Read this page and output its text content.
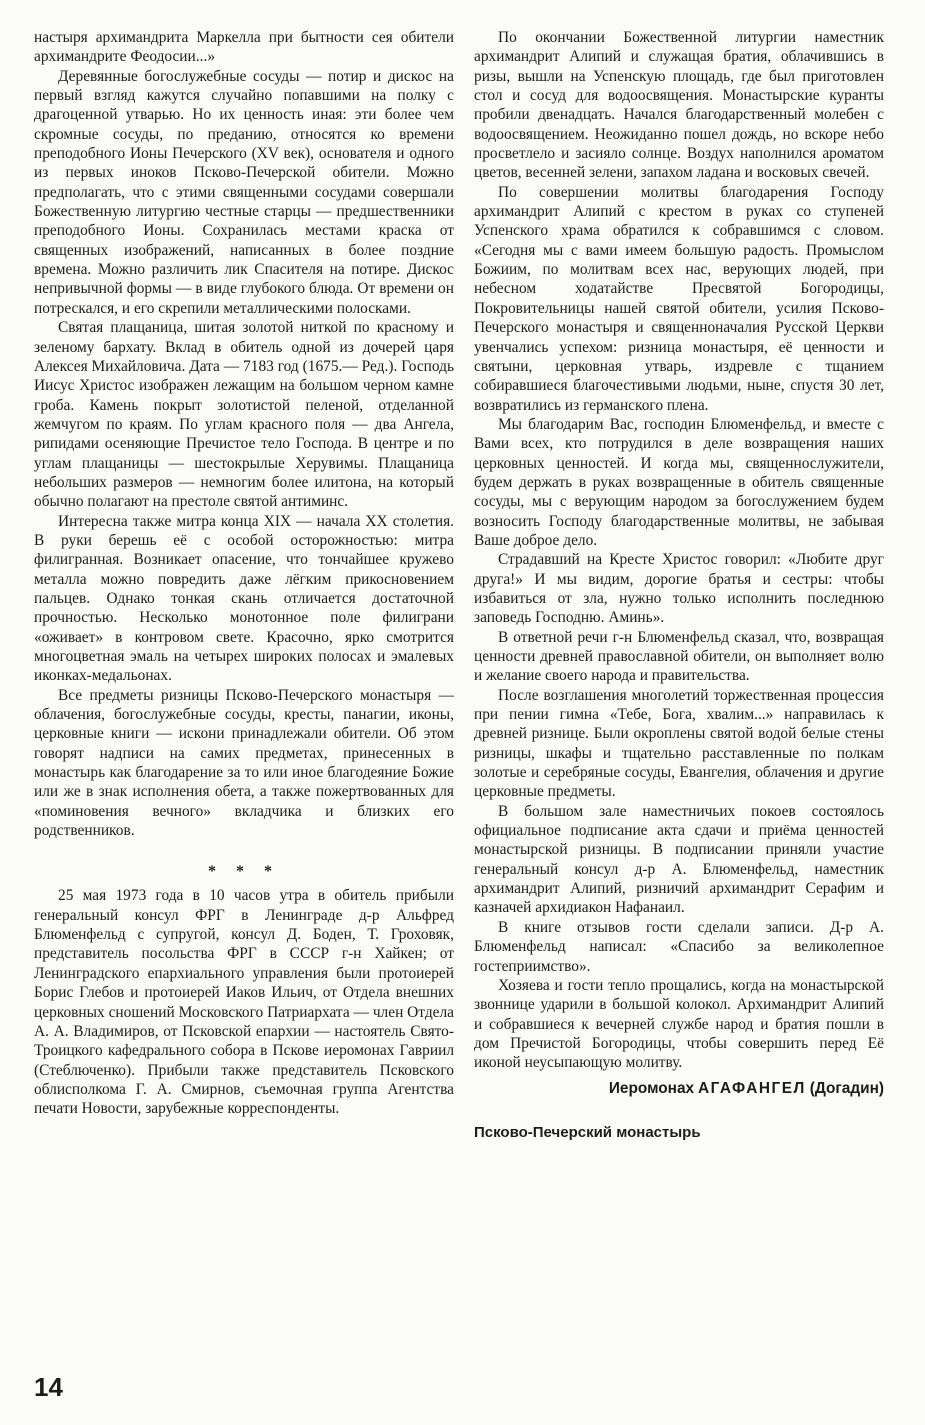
настыря архимандрита Маркелла при бытности сея обители архимандрите Феодосии...»

Деревянные богослужебные сосуды — потир и дискос на первый взгляд кажутся случайно попавшими на полку с драгоценной утварью. Но их ценность иная: эти более чем скромные сосуды, по преданию, относятся ко времени преподобного Ионы Печерского (XV век), основателя и одного из первых иноков Псково-Печерской обители. Можно предполагать, что с этими священными сосудами совершали Божественную литургию честные старцы — предшественники преподобного Ионы. Сохранилась местами краска от священных изображений, написанных в более поздние времена. Можно различить лик Спасителя на потире. Дискос непривычной формы — в виде глубокого блюда. От времени он потрескался, и его скрепили металлическими полосками.

Святая плащаница, шитая золотой ниткой по красному и зеленому бархату. Вклад в обитель одной из дочерей царя Алексея Михайловича. Дата — 7183 год (1675.— Ред.). Господь Иисус Христос изображен лежащим на большом черном камне гроба. Камень покрыт золотистой пеленой, отделанной жемчугом по краям. По углам красного поля — два Ангела, рипидами осеняющие Пречистое тело Господа. В центре и по углам плащаницы — шестокрылые Херувимы. Плащаница небольших размеров — немногим более илитона, на который обычно полагают на престоле святой антиминс.

Интересна также митра конца XIX — начала XX столетия. В руки берешь её с особой осторожностью: митра филигранная. Возникает опасение, что тончайшее кружево металла можно повредить даже лёгким прикосновением пальцев. Однако тонкая скань отличается достаточной прочностью. Несколько монотонное поле филиграни «оживает» в контровом свете. Красочно, ярко смотрится многоцветная эмаль на четырех широких полосах и эмалевых иконках-медальонах.

Все предметы ризницы Псково-Печерского монастыря — облачения, богослужебные сосуды, кресты, панагии, иконы, церковные книги — искони принадлежали обители. Об этом говорят надписи на самих предметах, принесенных в монастырь как благодарение за то или иное благодеяние Божие или же в знак исполнения обета, а также пожертвованных для «поминовения вечного» вкладчика и близких его родственников.

* * *

25 мая 1973 года в 10 часов утра в обитель прибыли генеральный консул ФРГ в Ленинграде д-р Альфред Блюменфельд с супругой, консул Д. Боден, Т. Гроховяк, представитель посольства ФРГ в СССР г-н Хайкен; от Ленинградского епархиального управления были протоиерей Борис Глебов и протоиерей Иаков Ильич, от Отдела внешних церковных сношений Московского Патриархата — член Отдела А. А. Владимиров, от Псковской епархии — настоятель Свято-Троицкого кафедрального собора в Пскове иеромонах Гавриил (Стеблюченко). Прибыли также представитель Псковского облисполкома Г. А. Смирнов, съемочная группа Агентства печати Новости, зарубежные корреспонденты.

По окончании Божественной литургии наместник архимандрит Алипий и служащая братия, облачившись в ризы, вышли на Успенскую площадь, где был приготовлен стол и сосуд для водоосвящения. Монастырские куранты пробили двенадцать. Начался благодарственный молебен с водоосвящением. Неожиданно пошел дождь, но вскоре небо просветлело и засияло солнце. Воздух наполнился ароматом цветов, весенней зелени, запахом ладана и восковых свечей.

По совершении молитвы благодарения Господу архимандрит Алипий с крестом в руках со ступеней Успенского храма обратился к собравшимся с словом. «Сегодня мы с вами имеем большую радость. Промыслом Божиим, по молитвам всех нас, верующих людей, при небесном ходатайстве Пресвятой Богородицы, Покровительницы нашей святой обители, усилия Псково-Печерского монастыря и священноначалия Русской Церкви увенчались успехом: ризница монастыря, её ценности и святыни, церковная утварь, издревле с тщанием собиравшиеся благочестивыми людьми, ныне, спустя 30 лет, возвратились из германского плена.

Мы благодарим Вас, господин Блюменфельд, и вместе с Вами всех, кто потрудился в деле возвращения наших церковных ценностей. И когда мы, священнослужители, будем держать в руках возвращенные в обитель священные сосуды, мы с верующим народом за богослужением будем возносить Господу благодарственные молитвы, не забывая Ваше доброе дело.

Страдавший на Кресте Христос говорил: «Любите друг друга!» И мы видим, дорогие братья и сестры: чтобы избавиться от зла, нужно только исполнить последнюю заповедь Господню. Аминь».

В ответной речи г-н Блюменфельд сказал, что, возвращая ценности древней православной обители, он выполняет волю и желание своего народа и правительства.

После возглашения многолетий торжественная процессия при пении гимна «Тебе, Бога, хвалим...» направилась к древней ризнице. Были окроплены святой водой белые стены ризницы, шкафы и тщательно расставленные по полкам золотые и серебряные сосуды, Евангелия, облачения и другие церковные предметы.

В большом зале наместничьих покоев состоялось официальное подписание акта сдачи и приёма ценностей монастырской ризницы. В подписании приняли участие генеральный консул д-р А. Блюменфельд, наместник архимандрит Алипий, ризничий архимандрит Серафим и казначей архидиакон Нафанаил.

В книге отзывов гости сделали записи. Д-р А. Блюменфельд написал: «Спасибо за великолепное гостеприимство».

Хозяева и гости тепло прощались, когда на монастырской звоннице ударили в большой колокол. Архимандрит Алипий и собравшиеся к вечерней службе народ и братия пошли в дом Пречистой Богородицы, чтобы совершить перед Её иконой неусыпающую молитву.

Иеромонах АГАФАНГЕЛ (Догадин)
Псково-Печерский монастырь
14
